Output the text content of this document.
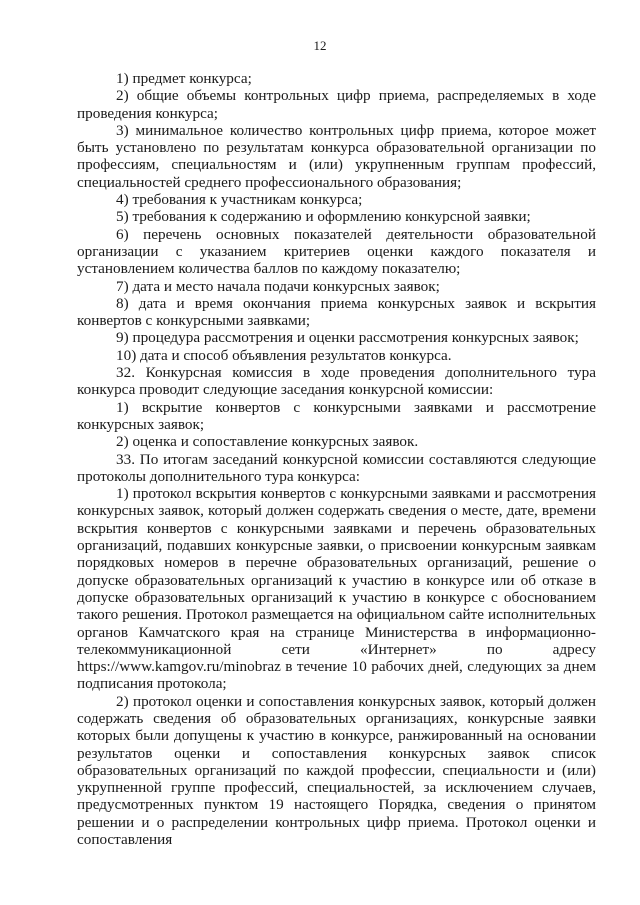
12

1) предмет конкурса;

2) общие объемы контрольных цифр приема, распределяемых в ходе проведения конкурса;

3) минимальное количество контрольных цифр приема, которое может быть установлено по результатам конкурса образовательной организации по профессиям, специальностям и (или) укрупненным группам профессий, специальностей среднего профессионального образования;

4) требования к участникам конкурса;

5) требования к содержанию и оформлению конкурсной заявки;

6) перечень основных показателей деятельности образовательной организации с указанием критериев оценки каждого показателя и установлением количества баллов по каждому показателю;

7) дата и место начала подачи конкурсных заявок;

8) дата и время окончания приема конкурсных заявок и вскрытия конвертов с конкурсными заявками;

9) процедура рассмотрения и оценки рассмотрения конкурсных заявок;

10) дата и способ объявления результатов конкурса.

32. Конкурсная комиссия в ходе проведения дополнительного тура конкурса проводит следующие заседания конкурсной комиссии:

1) вскрытие конвертов с конкурсными заявками и рассмотрение конкурсных заявок;

2) оценка и сопоставление конкурсных заявок.

33. По итогам заседаний конкурсной комиссии составляются следующие протоколы дополнительного тура конкурса:

1) протокол вскрытия конвертов с конкурсными заявками и рассмотрения конкурсных заявок, который должен содержать сведения о месте, дате, времени вскрытия конвертов с конкурсными заявками и перечень образовательных организаций, подавших конкурсные заявки, о присвоении конкурсным заявкам порядковых номеров в перечне образовательных организаций, решение о допуске образовательных организаций к участию в конкурсе или об отказе в допуске образовательных организаций к участию в конкурсе с обоснованием такого решения. Протокол размещается на официальном сайте исполнительных органов Камчатского края на странице Министерства в информационно-телекоммуникационной сети «Интернет» по адресу https://www.kamgov.ru/minobraz в течение 10 рабочих дней, следующих за днем подписания протокола;

2) протокол оценки и сопоставления конкурсных заявок, который должен содержать сведения об образовательных организациях, конкурсные заявки которых были допущены к участию в конкурсе, ранжированный на основании результатов оценки и сопоставления конкурсных заявок список образовательных организаций по каждой профессии, специальности и (или) укрупненной группе профессий, специальностей, за исключением случаев, предусмотренных пунктом 19 настоящего Порядка, сведения о принятом решении и о распределении контрольных цифр приема. Протокол оценки и сопоставления
